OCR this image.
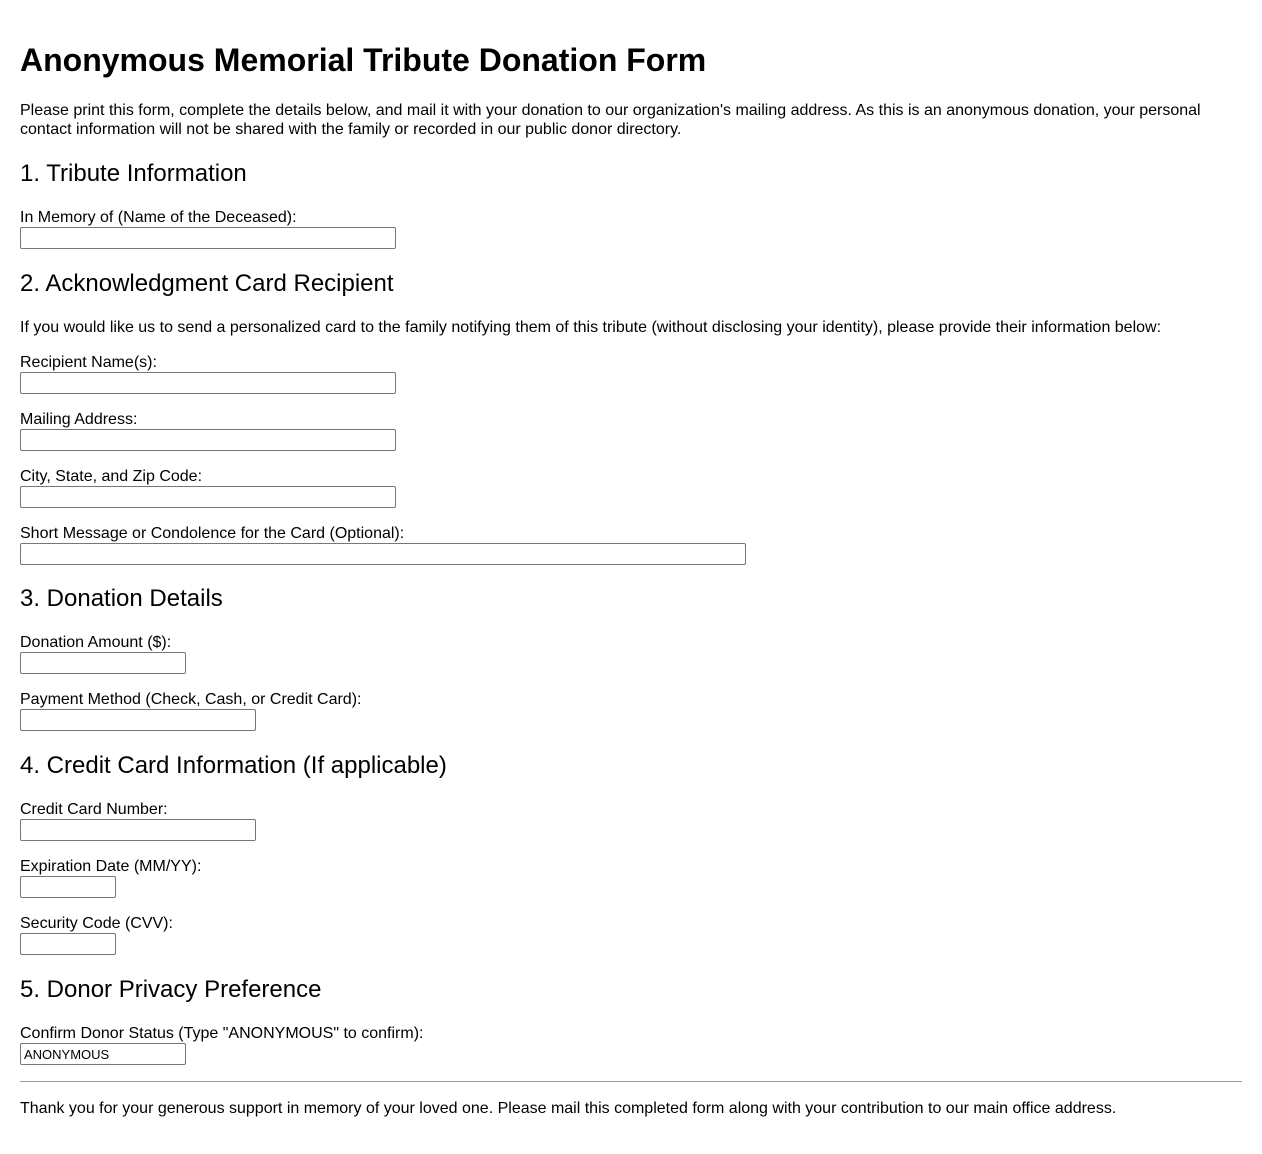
Anonymous Memorial Tribute Donation Form

Please print this form, complete the details below, and mail it with your donation to our organization's mailing address. As this is an anonymous donation, your personal contact information will not be shared with the family or recorded in our public donor directory.

1. Tribute Information
In Memory of (Name of the Deceased):
2. Acknowledgment Card Recipient
If you would like us to send a personalized card to the family notifying them of this tribute (without disclosing your identity), please provide their information below:
Recipient Name(s):
Mailing Address:
City, State, and Zip Code:
Short Message or Condolence for the Card (Optional):
3. Donation Details
Donation Amount ($):
Payment Method (Check, Cash, or Credit Card):
4. Credit Card Information (If applicable)
Credit Card Number:
Expiration Date (MM/YY):
Security Code (CVV):
5. Donor Privacy Preference
Confirm Donor Status (Type "ANONYMOUS" to confirm):
ANONYMOUS
Thank you for your generous support in memory of your loved one. Please mail this completed form along with your contribution to our main office address.
